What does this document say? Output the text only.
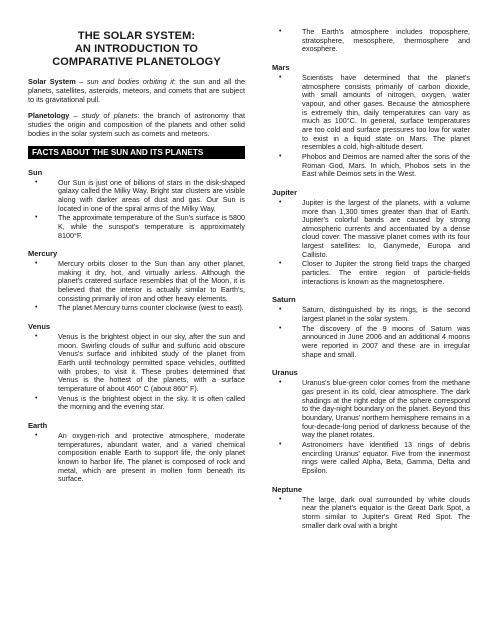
THE SOLAR SYSTEM:
AN INTRODUCTION TO
COMPARATIVE PLANETOLOGY

Solar System – sun and bodies orbiting it: the sun and all the planets, satellites, asteroids, meteors, and comets that are subject to its gravitational pull.

Planetology – study of planets: the branch of astronomy that studies the origin and composition of the planets and other solid bodies in the solar system such as comets and meteors.

FACTS ABOUT THE SUN AND ITS PLANETS
Sun
•	Our Sun is just one of billions of stars in the disk-shaped galaxy called the Milky Way. Bright star clusters are visible along with darker areas of dust and gas. Our Sun is located in one of the spiral arms of the Milky Way.
•	The approximate temperature of the Sun's surface is 5800 K, while the sunspot's temperature is approximately 8100°F.
Mercury
•	Mercury orbits closer to the Sun than any other planet, making it dry, hot, and virtually airless. Although the planet's cratered surface resembles that of the Moon, it is believed that the interior is actually similar to Earth's, consisting primarily of iron and other heavy elements.
•	The planet Mercury turns counter clockwise (west to east).
Venus
•	Venus is the brightest object in our sky, after the sun and moon. Swirling clouds of sulfur and sulfuric acid obscure Venus's surface and inhibited study of the planet from Earth until technology permitted space vehicles, outfitted with probes, to visit it. These probes determined that Venus is the hottest of the planets, with a surface temperature of about 460° C (about 860° F).
•	Venus is the brightest object in the sky. It is often called the morning and the evening star.
Earth
•	An oxygen-rich and protective atmosphere, moderate temperatures, abundant water, and a varied chemical composition enable Earth to support life, the only planet known to harbor life. The planet is composed of rock and metal, which are present in molten form beneath its surface.
•	The Earth's atmosphere includes troposphere, stratosphere, mesosphere, thermosphere and exosphere.
Mars
•	Scientists have determined that the planet's atmosphere consists primarily of carbon dioxide, with small amounts of nitrogen, oxygen, water vapour, and other gases. Because the atmosphere is extremely thin, daily temperatures can vary as much as 100°C. In general, surface temperatures are too cold and surface pressures too low for water to exist in a liquid state on Mars. The planet resembles a cold, high-altitude desert.
•	Phobos and Deimos are named after the sons of the Roman God, Mars. In which, Phobos sets in the East while Deimos sets in the West.
Jupiter
•	Jupiter is the largest of the planets, with a volume more than 1,300 times greater than that of Earth. Jupiter's colorful bands are caused by strong atmospheric currents and accentuated by a dense cloud cover. The massive planet comes with its four largest satellites: Io, Ganymede, Europa and Callisto.
•	Closer to Jupiter the strong field traps the charged particles. The entire region of particle-fields interactions is known as the magnetosphere.
Saturn
•	Saturn, distinguished by its rings, is the second largest planet in the solar system.
•	The discovery of the 9 moons of Saturn was announced in June 2006 and an additional 4 moons were reported in 2007 and these are in irregular shape and small.
Uranus
•	Uranus's blue-green color comes from the methane gas present in its cold, clear atmosphere. The dark shadings at the right edge of the sphere correspond to the day-night boundary on the planet. Beyond this boundary, Uranus' northern hemisphere remains in a four-decade-long period of darkness because of the way the planet rotates.
•	Astronomers have identified 13 rings of debris encircling Uranus' equator. Five from the innermost rings were called Alpha, Beta, Gamma, Delta and Epsilon.
Neptune
•	The large, dark oval surrounded by white clouds near the planet's equator is the Great Dark Spot, a storm similar to Jupiter's Great Red Spot. The smaller dark oval with a bright
